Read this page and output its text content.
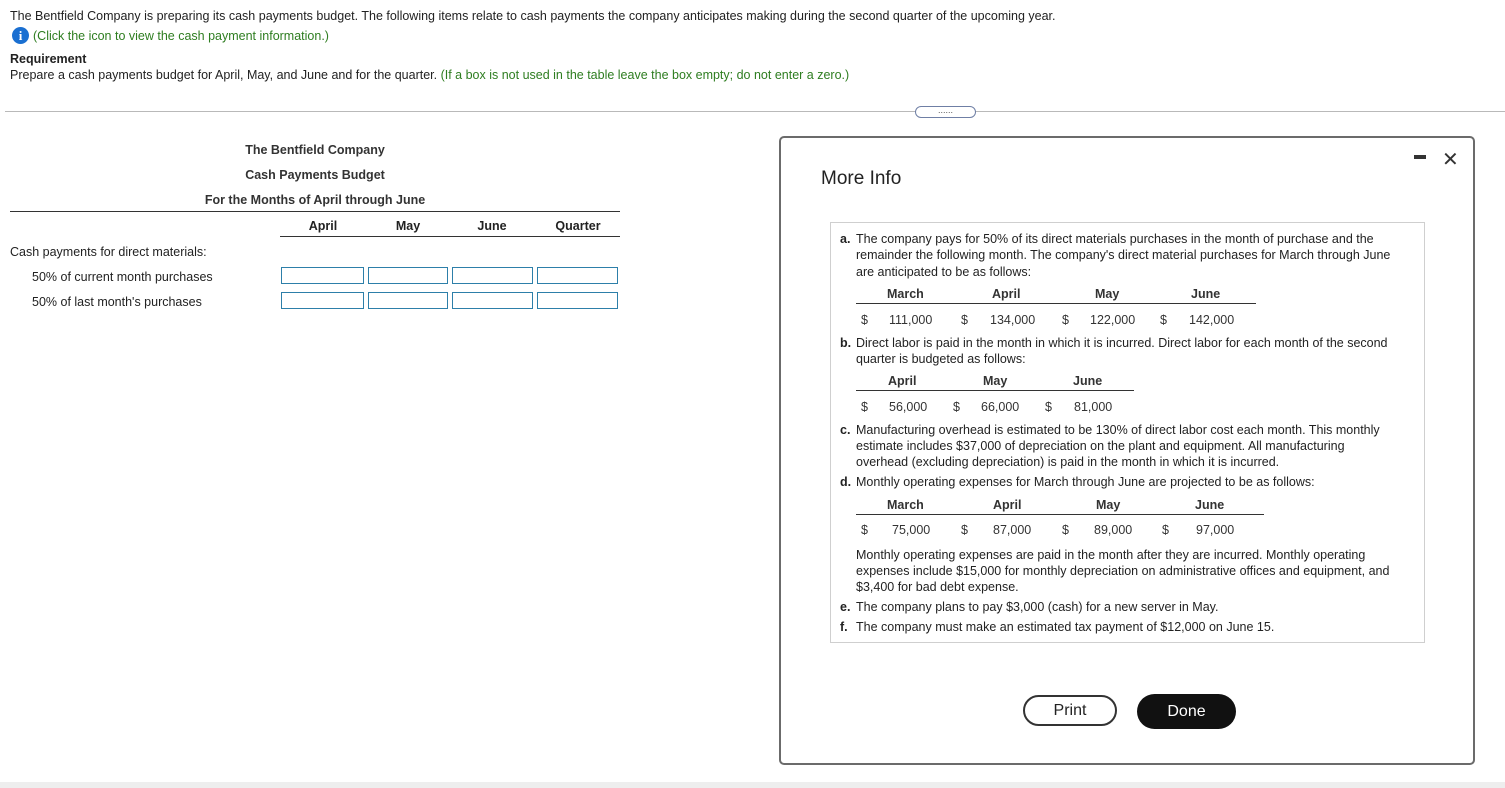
The Bentfield Company is preparing its cash payments budget. The following items relate to cash payments the company anticipates making during the second quarter of the upcoming year.
i (Click the icon to view the cash payment information.)
Requirement
Prepare a cash payments budget for April, May, and June and for the quarter. (If a box is not used in the table leave the box empty; do not enter a zero.)
......
The Bentfield Company
Cash Payments Budget
For the Months of April through June
April	May	June	Quarter
Cash payments for direct materials:
50% of current month purchases
50% of last month's purchases
More Info
✕
a. The company pays for 50% of its direct materials purchases in the month of purchase and the
remainder the following month. The company's direct material purchases for March through June
are anticipated to be as follows:
March	April	May	June
$ 111,000 $ 134,000 $ 122,000 $ 142,000
b. Direct labor is paid in the month in which it is incurred. Direct labor for each month of the second
quarter is budgeted as follows:
April	May	June
$ 56,000 $ 66,000 $ 81,000
c. Manufacturing overhead is estimated to be 130% of direct labor cost each month. This monthly
estimate includes $37,000 of depreciation on the plant and equipment. All manufacturing
overhead (excluding depreciation) is paid in the month in which it is incurred.
d. Monthly operating expenses for March through June are projected to be as follows:
March	April	May	June
$ 75,000 $ 87,000 $ 89,000 $ 97,000
Monthly operating expenses are paid in the month after they are incurred. Monthly operating
expenses include $15,000 for monthly depreciation on administrative offices and equipment, and
$3,400 for bad debt expense.
e. The company plans to pay $3,000 (cash) for a new server in May.
f. The company must make an estimated tax payment of $12,000 on June 15.
Print	Done
